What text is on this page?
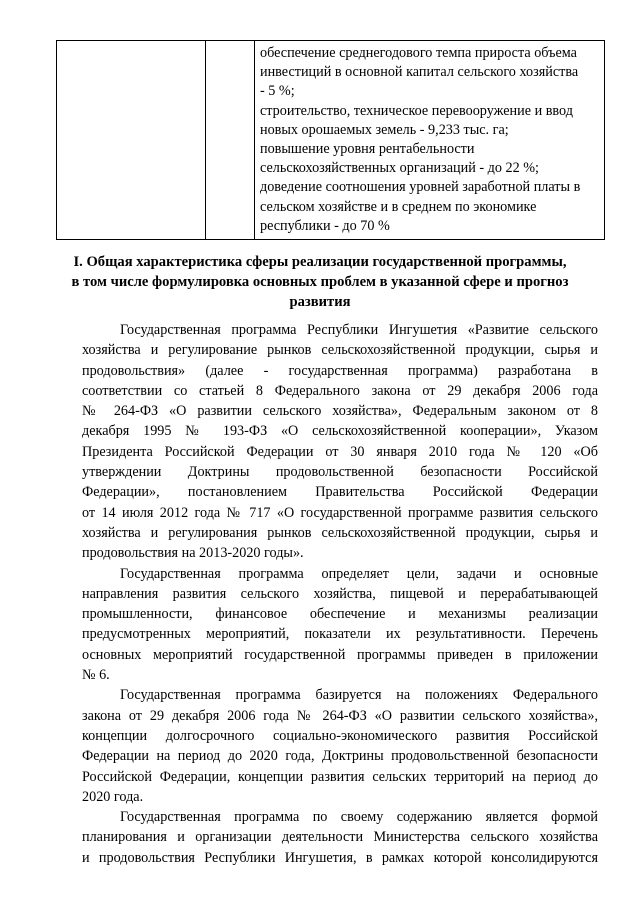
обеспечение среднегодового темпа прироста объема
инвестиций в основной капитал сельского хозяйства
- 5 %;
строительство, техническое перевооружение и ввод
новых орошаемых земель - 9,233 тыс. га;
повышение уровня рентабельности
сельскохозяйственных организаций - до 22 %;
доведение соотношения уровней заработной платы в
сельском хозяйстве и в среднем по экономике
республики - до 70 %
I. Общая характеристика сферы реализации государственной программы,
в том числе формулировка основных проблем в указанной сфере и прогноз
развития
Государственная программа Республики Ингушетия «Развитие сельского
хозяйства и регулирование рынков сельскохозяйственной продукции, сырья и
продовольствия» (далее - государственная программа) разработана в
соответствии со статьей 8 Федерального закона от 29 декабря 2006 года
№ 264-ФЗ «О развитии сельского хозяйства», Федеральным законом от 8
декабря 1995 № 193-ФЗ «О сельскохозяйственной кооперации», Указом
Президента Российской Федерации от 30 января 2010 года № 120 «Об
утверждении Доктрины продовольственной безопасности Российской
Федерации», постановлением Правительства Российской Федерации
от 14 июля 2012 года № 717 «О государственной программе развития сельского
хозяйства и регулирования рынков сельскохозяйственной продукции, сырья и
продовольствия на 2013-2020 годы».
Государственная программа определяет цели, задачи и основные
направления развития сельского хозяйства, пищевой и перерабатывающей
промышленности, финансовое обеспечение и механизмы реализации
предусмотренных мероприятий, показатели их результативности. Перечень
основных мероприятий государственной программы приведен в приложении
№ 6.
Государственная программа базируется на положениях Федерального
закона от 29 декабря 2006 года № 264-ФЗ «О развитии сельского хозяйства»,
концепции долгосрочного социально-экономического развития Российской
Федерации на период до 2020 года, Доктрины продовольственной безопасности
Российской Федерации, концепции развития сельских территорий на период до
2020 года.
Государственная программа по своему содержанию является формой
планирования и организации деятельности Министерства сельского хозяйства
и продовольствия Республики Ингушетия, в рамках которой консолидируются
